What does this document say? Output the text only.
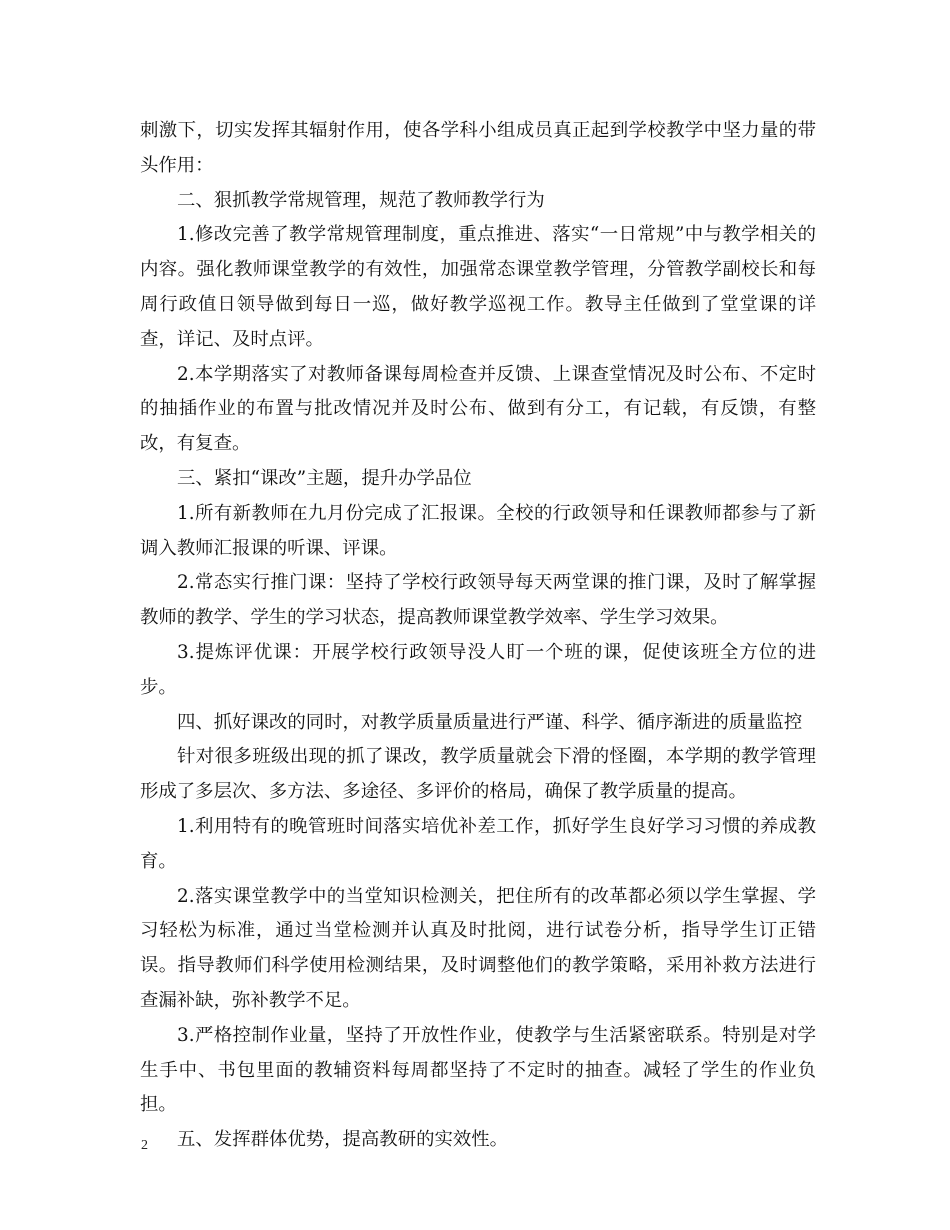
刺激下，切实发挥其辐射作用，使各学科小组成员真正起到学校教学中坚力量的带头作用：

二、狠抓教学常规管理，规范了教师教学行为

1.修改完善了教学常规管理制度，重点推进、落实“一日常规”中与教学相关的内容。强化教师课堂教学的有效性，加强常态课堂教学管理，分管教学副校长和每周行政值日领导做到每日一巡，做好教学巡视工作。教导主任做到了堂堂课的详查，详记、及时点评。

2.本学期落实了对教师备课每周检查并反馈、上课查堂情况及时公布、不定时的抽插作业的布置与批改情况并及时公布、做到有分工，有记载，有反馈，有整改，有复查。

三、紧扣“课改”主题，提升办学品位

1.所有新教师在九月份完成了汇报课。全校的行政领导和任课教师都参与了新调入教师汇报课的听课、评课。

2.常态实行推门课：坚持了学校行政领导每天两堂课的推门课，及时了解掌握教师的教学、学生的学习状态，提高教师课堂教学效率、学生学习效果。

3.提炼评优课：开展学校行政领导没人盯一个班的课，促使该班全方位的进步。

四、抓好课改的同时，对教学质量质量进行严谨、科学、循序渐进的质量监控

针对很多班级出现的抓了课改，教学质量就会下滑的怪圈，本学期的教学管理形成了多层次、多方法、多途径、多评价的格局，确保了教学质量的提高。

1.利用特有的晚管班时间落实培优补差工作，抓好学生良好学习习惯的养成教育。

2.落实课堂教学中的当堂知识检测关，把住所有的改革都必须以学生掌握、学习轻松为标准，通过当堂检测并认真及时批阅，进行试卷分析，指导学生订正错误。指导教师们科学使用检测结果，及时调整他们的教学策略，采用补救方法进行查漏补缺，弥补教学不足。

3.严格控制作业量，坚持了开放性作业，使教学与生活紧密联系。特别是对学生手中、书包里面的教辅资料每周都坚持了不定时的抽查。减轻了学生的作业负担。

五、发挥群体优势，提高教研的实效性。

2
